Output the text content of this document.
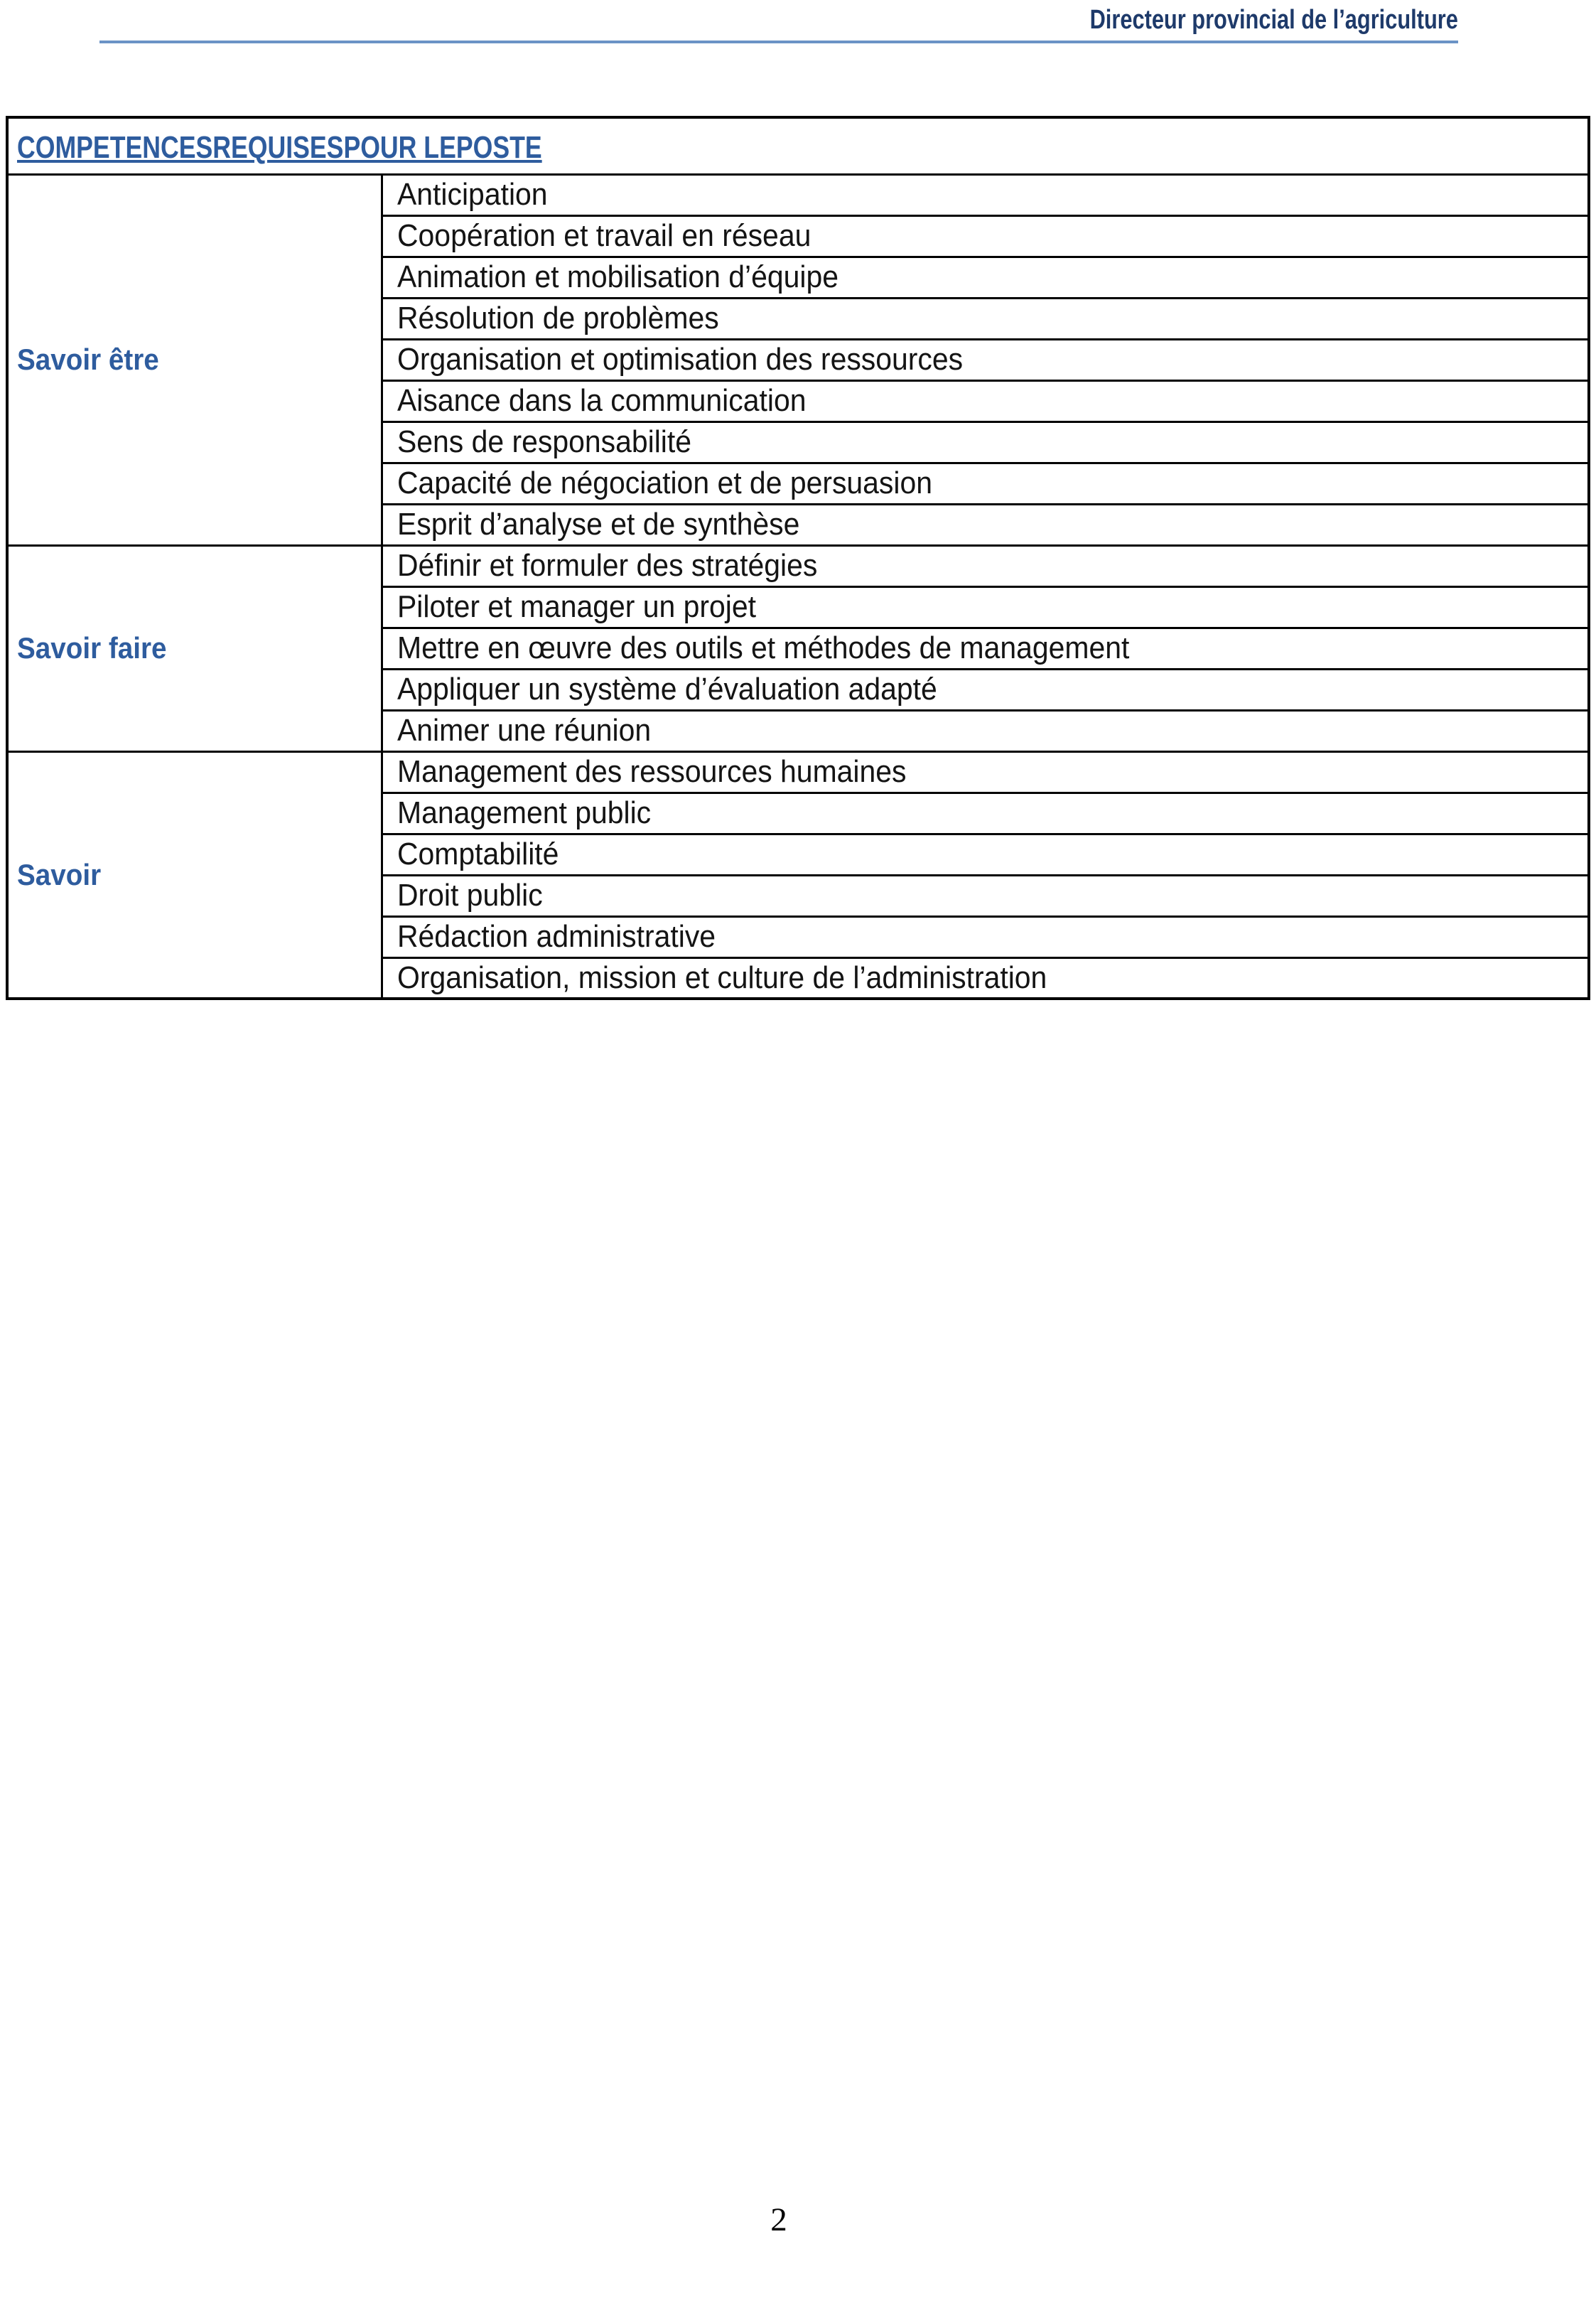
Directeur provincial de l’agriculture
COMPETENCESREQUISESPOUR LEPOSTE	
Savoir être	Anticipation
	Coopération et travail en réseau
	Animation et mobilisation d’équipe
	Résolution de problèmes
	Organisation et optimisation des ressources
	Aisance dans la communication
	Sens de responsabilité
	Capacité de négociation et de persuasion
	Esprit d’analyse et de synthèse
Savoir faire	Définir et formuler des stratégies
	Piloter et manager un projet
	Mettre en œuvre des outils et méthodes de management
	Appliquer un système d’évaluation adapté
	Animer une réunion
Savoir	Management des ressources humaines
	Management public
	Comptabilité
	Droit public
	Rédaction administrative
	Organisation, mission et culture de l’administration
2
